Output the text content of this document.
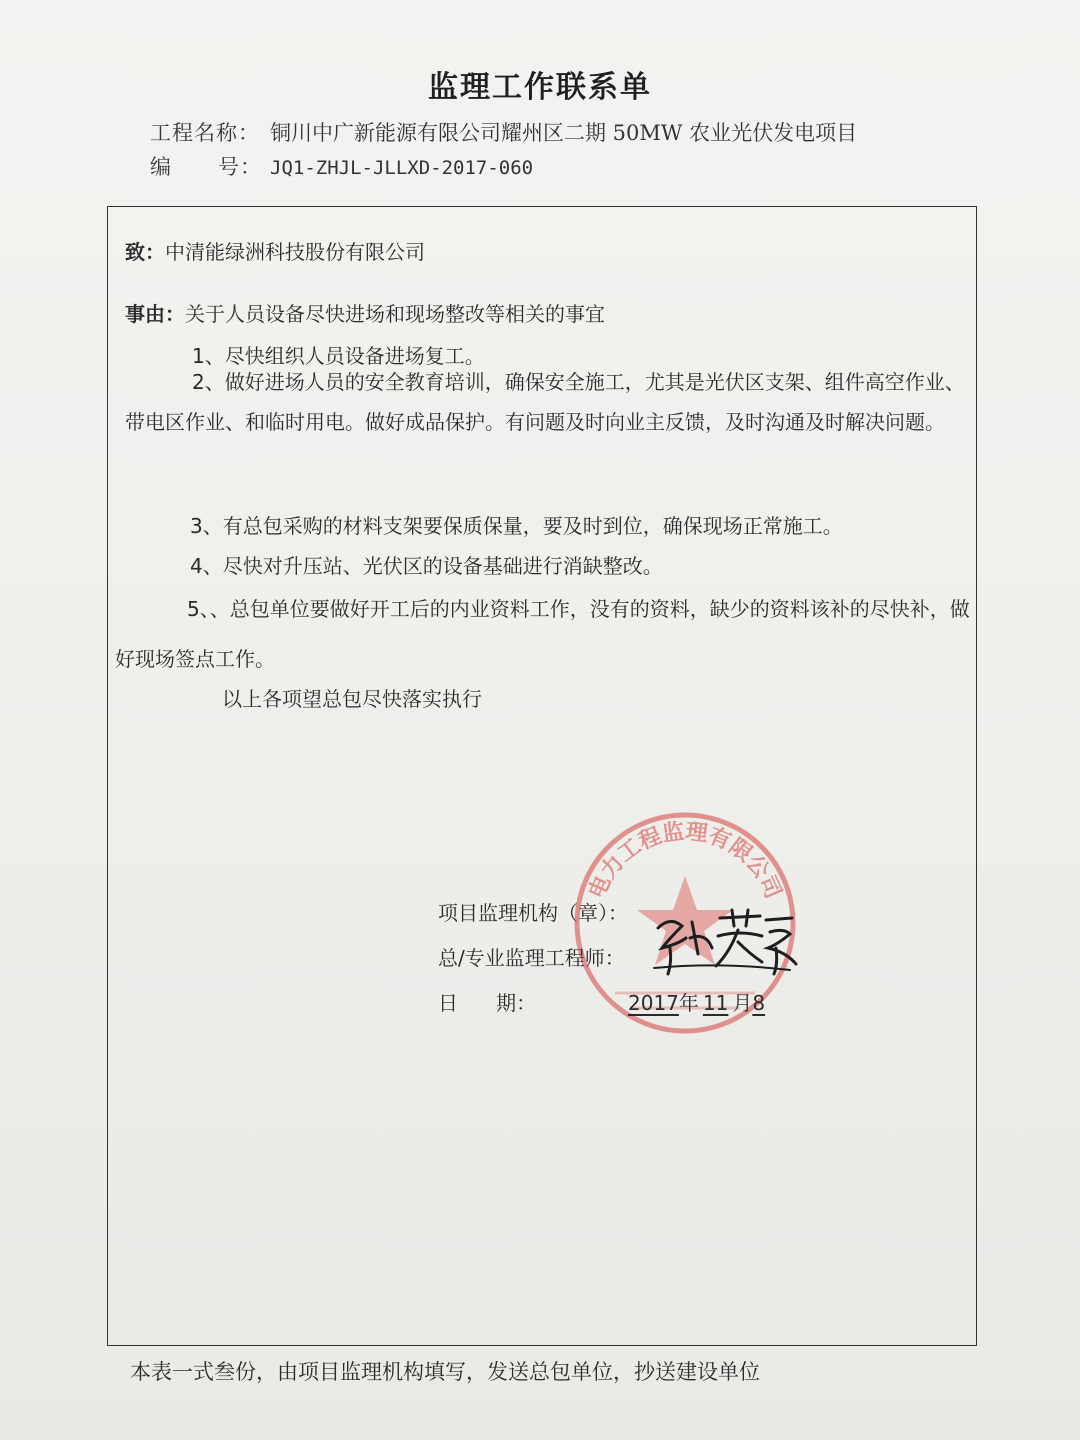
监理工作联系单
工程名称： 铜川中广新能源有限公司耀州区二期 50MW 农业光伏发电项目
编      号： JQ1-ZHJL-JLLXD-2017-060
致：中清能绿洲科技股份有限公司
事由：关于人员设备尽快进场和现场整改等相关的事宜
1、尽快组织人员设备进场复工。
2、做好进场人员的安全教育培训，确保安全施工，尤其是光伏区支架、组件高空作业、带电区作业、和临时用电。做好成品保护。有问题及时向业主反馈，及时沟通及时解决问题。
3、有总包采购的材料支架要保质保量，要及时到位，确保现场正常施工。
4、尽快对升压站、光伏区的设备基础进行消缺整改。
5、、总包单位要做好开工后的内业资料工作，没有的资料，缺少的资料该补的尽快补，做好现场签点工作。
以上各项望总包尽快落实执行
电力工程监理有限公司
项目监理机构（章）：
总/专业监理工程师：
日      期：	2017年 11 月8
本表一式叁份，由项目监理机构填写，发送总包单位，抄送建设单位
